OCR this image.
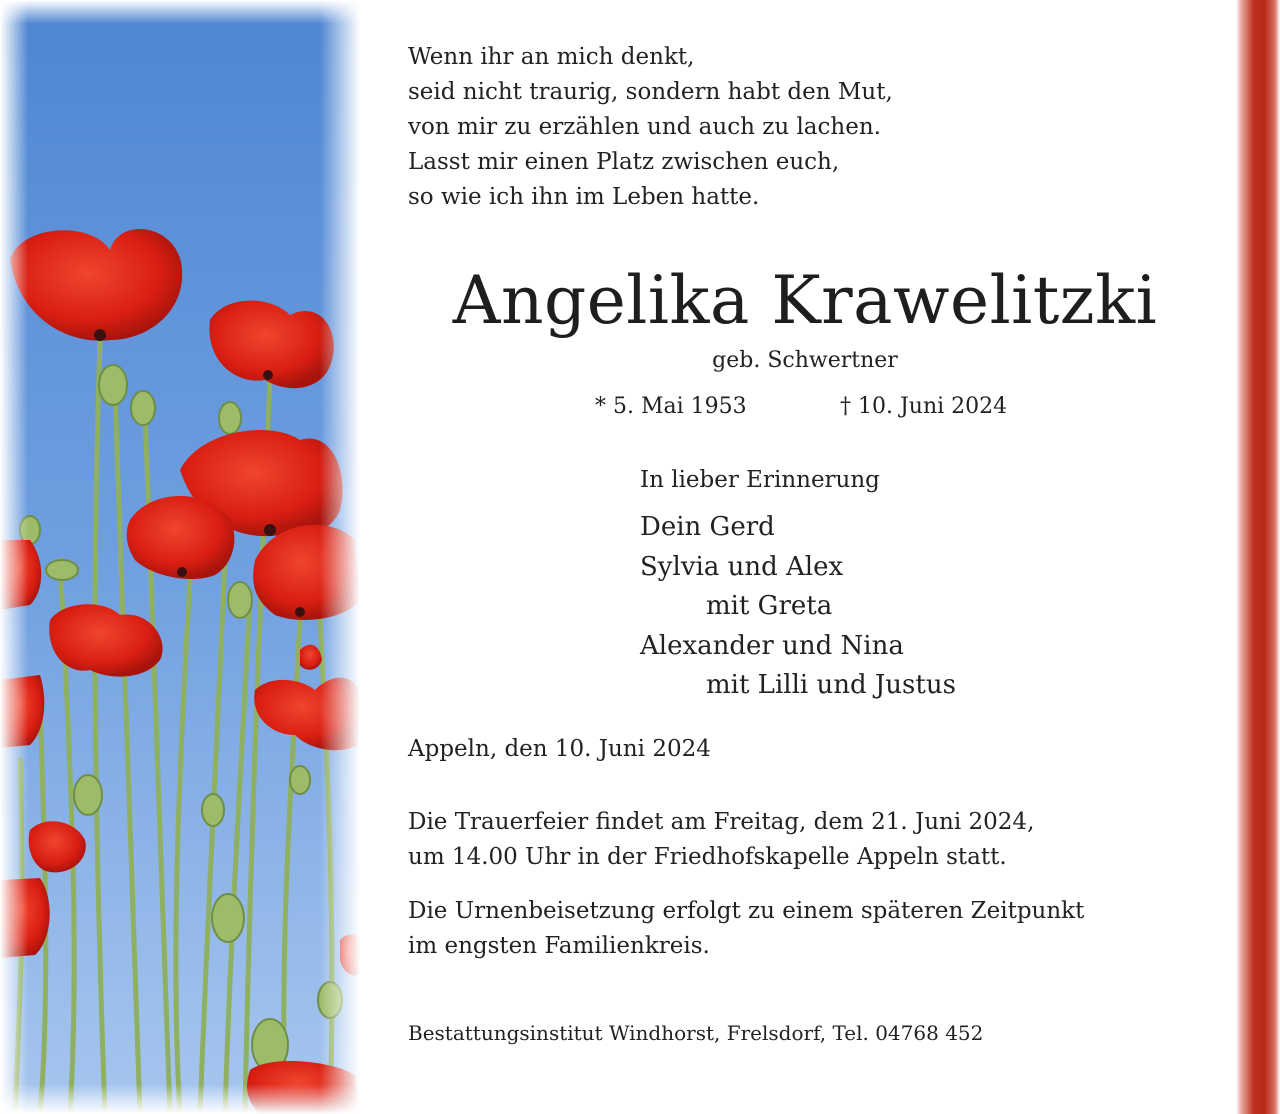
Wenn ihr an mich denkt,
seid nicht traurig, sondern habt den Mut,
von mir zu erzählen und auch zu lachen.
Lasst mir einen Platz zwischen euch,
so wie ich ihn im Leben hatte.
Angelika Krawelitzki
geb. Schwertner
* 5. Mai 1953	† 10. Juni 2024
In lieber Erinnerung
Dein Gerd
Sylvia und Alex
mit Greta
Alexander und Nina
mit Lilli und Justus
Appeln, den 10. Juni 2024
Die Trauerfeier findet am Freitag, dem 21. Juni 2024,
um 14.00 Uhr in der Friedhofskapelle Appeln statt.
Die Urnenbeisetzung erfolgt zu einem späteren Zeitpunkt
im engsten Familienkreis.
Bestattungsinstitut Windhorst, Frelsdorf, Tel. 04768 452
